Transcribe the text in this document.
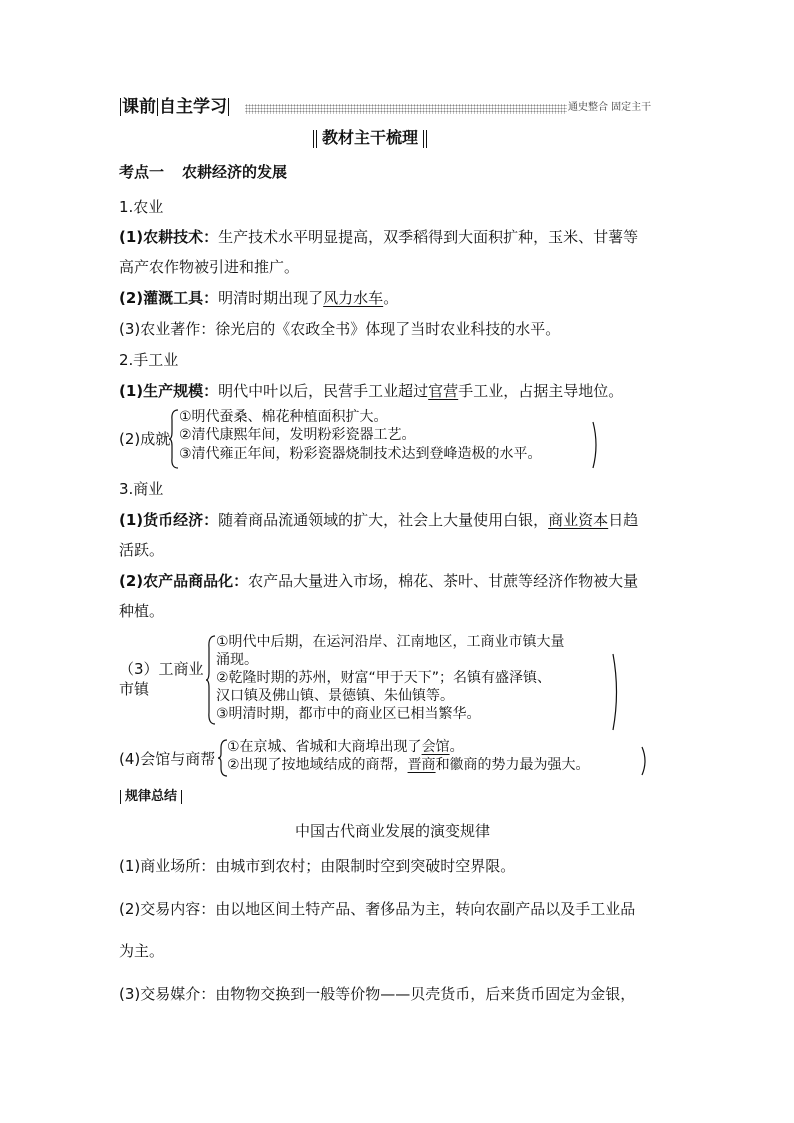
课前 自主学习	通史整合 固定主干
教材主干梳理
考点一 农耕经济的发展
1.农业
(1)农耕技术：生产技术水平明显提高，双季稻得到大面积扩种，玉米、甘薯等
高产农作物被引进和推广。
(2)灌溉工具：明清时期出现了风力水车。
(3)农业著作：徐光启的《农政全书》体现了当时农业科技的水平。
2.手工业
(1)生产规模：明代中叶以后，民营手工业超过官营手工业，占据主导地位。
(2)成就
①明代蚕桑、棉花种植面积扩大。
②清代康熙年间，发明粉彩瓷器工艺。
③清代雍正年间，粉彩瓷器烧制技术达到登峰造极的水平。
3.商业
(1)货币经济：随着商品流通领域的扩大，社会上大量使用白银，商业资本日趋
活跃。
(2)农产品商品化：农产品大量进入市场，棉花、茶叶、甘蔗等经济作物被大量
种植。
（3）工商业
市镇
①明代中后期，在运河沿岸、江南地区，工商业市镇大量
涌现。
②乾隆时期的苏州，财富“甲于天下”；名镇有盛泽镇、
汉口镇及佛山镇、景德镇、朱仙镇等。
③明清时期，都市中的商业区已相当繁华。
(4)会馆与商帮
①在京城、省城和大商埠出现了会馆。
②出现了按地域结成的商帮，晋商和徽商的势力最为强大。
规律总结
中国古代商业发展的演变规律
(1)商业场所：由城市到农村；由限制时空到突破时空界限。
(2)交易内容：由以地区间土特产品、奢侈品为主，转向农副产品以及手工业品
为主。
(3)交易媒介：由物物交换到一般等价物——贝壳货币，后来货币固定为金银，
